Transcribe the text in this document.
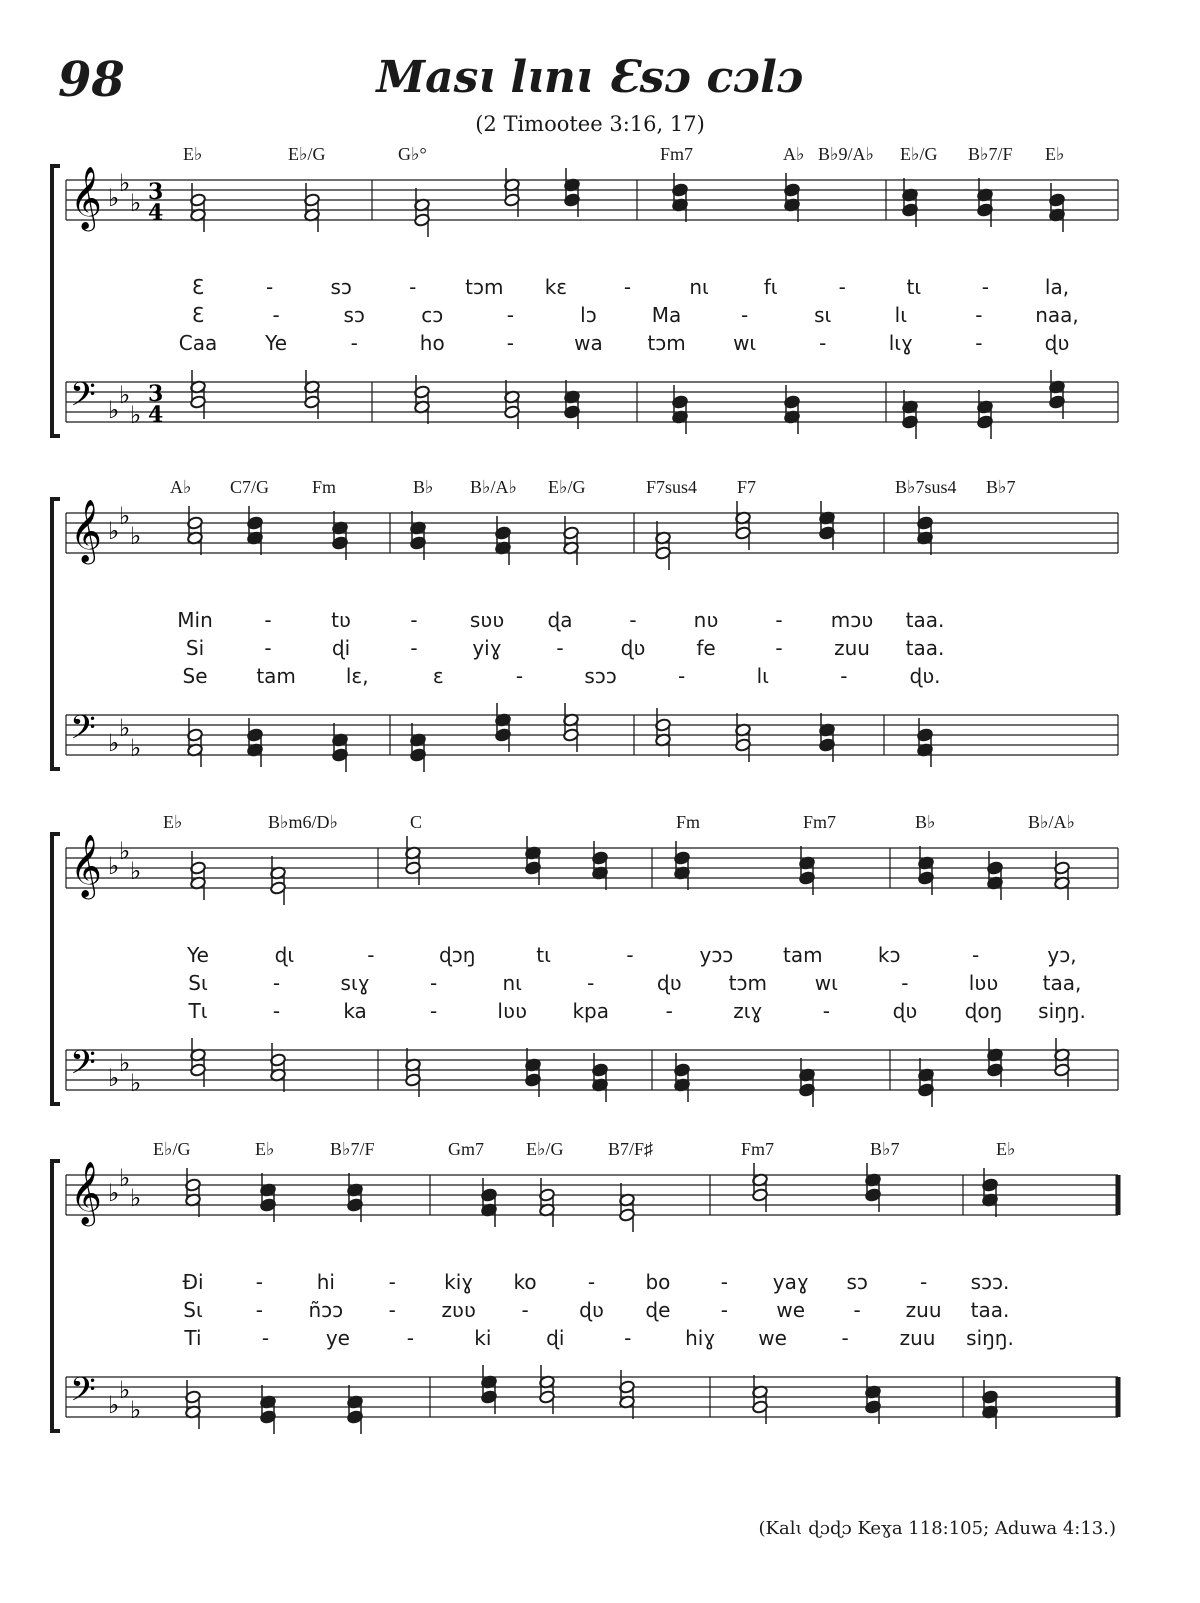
98	Masɩ lɩnɩ Ɛsɔ cɔlɔ
(2 Timootee 3:16, 17)
E♭	E♭/G	G♭°	Fm7	A♭ B♭9/A♭ E♭/G B♭7/F E♭
𝄞
𝄢
♭
♭
♭
♭
♭
♭
3
4
3
4
Ɛ	-	sɔ	- tɔm kɛ	-	nɩ	fɩ	-	tɩ	-	la,
Ɛ	-	sɔ	cɔ	-	lɔ	Ma	-	sɩ	lɩ	-	naa,
Caa Ye	-	ho	-	wa tɔm wɩ	-	lɩɣ	-	ɖʋ
A♭ C7/G Fm	B♭ B♭/A♭ E♭/G	F7sus4 F7	B♭7sus4 B♭7
𝄞
𝄢
♭
♭
♭
♭
♭
♭
Min	-	tʋ	-	sʋʋ ɖa	-	nʋ	- mɔʋ taa.
Si	-	ɖi	-	yiɣ	-	ɖʋ	fe	-	zuu taa.
Se tam lɛ,	ɛ	-	sɔɔ	-	lɩ	-	ɖʋ.
E♭	B♭m6/D♭	C	Fm	Fm7	B♭	B♭/A♭
𝄞
𝄢
♭
♭
♭
♭
♭
♭
Ye	ɖɩ	-	ɖɔŋ	tɩ	-	yɔɔ tam	kɔ	-	yɔ,
Sɩ	-	sɩɣ	-	nɩ	-	ɖʋ tɔm wɩ	-	lʋʋ taa,
Tɩ	-	ka	-	lʋʋ kpa	-	zɩɣ	-	ɖʋ ɖoŋ siŋŋ.
E♭/G	E♭	B♭7/F	Gm7 E♭/G B7/F♯	Fm7	B♭7	E♭
𝄞
𝄢
♭
♭
♭
♭
♭
♭
Đi	-	hi	- kiɣ ko	-	bo	- yaɣ sɔ	- sɔɔ.
Sɩ	- ñɔɔ - zʋʋ -	ɖʋ ɖe	- we - zuu taa.
Ti	-	ye	-	ki	ɖi	-	hiɣ we	-	zuu siŋŋ.
(Kalɩ ɖɔɖɔ Keɣa 118:105; Aduwa 4:13.)
